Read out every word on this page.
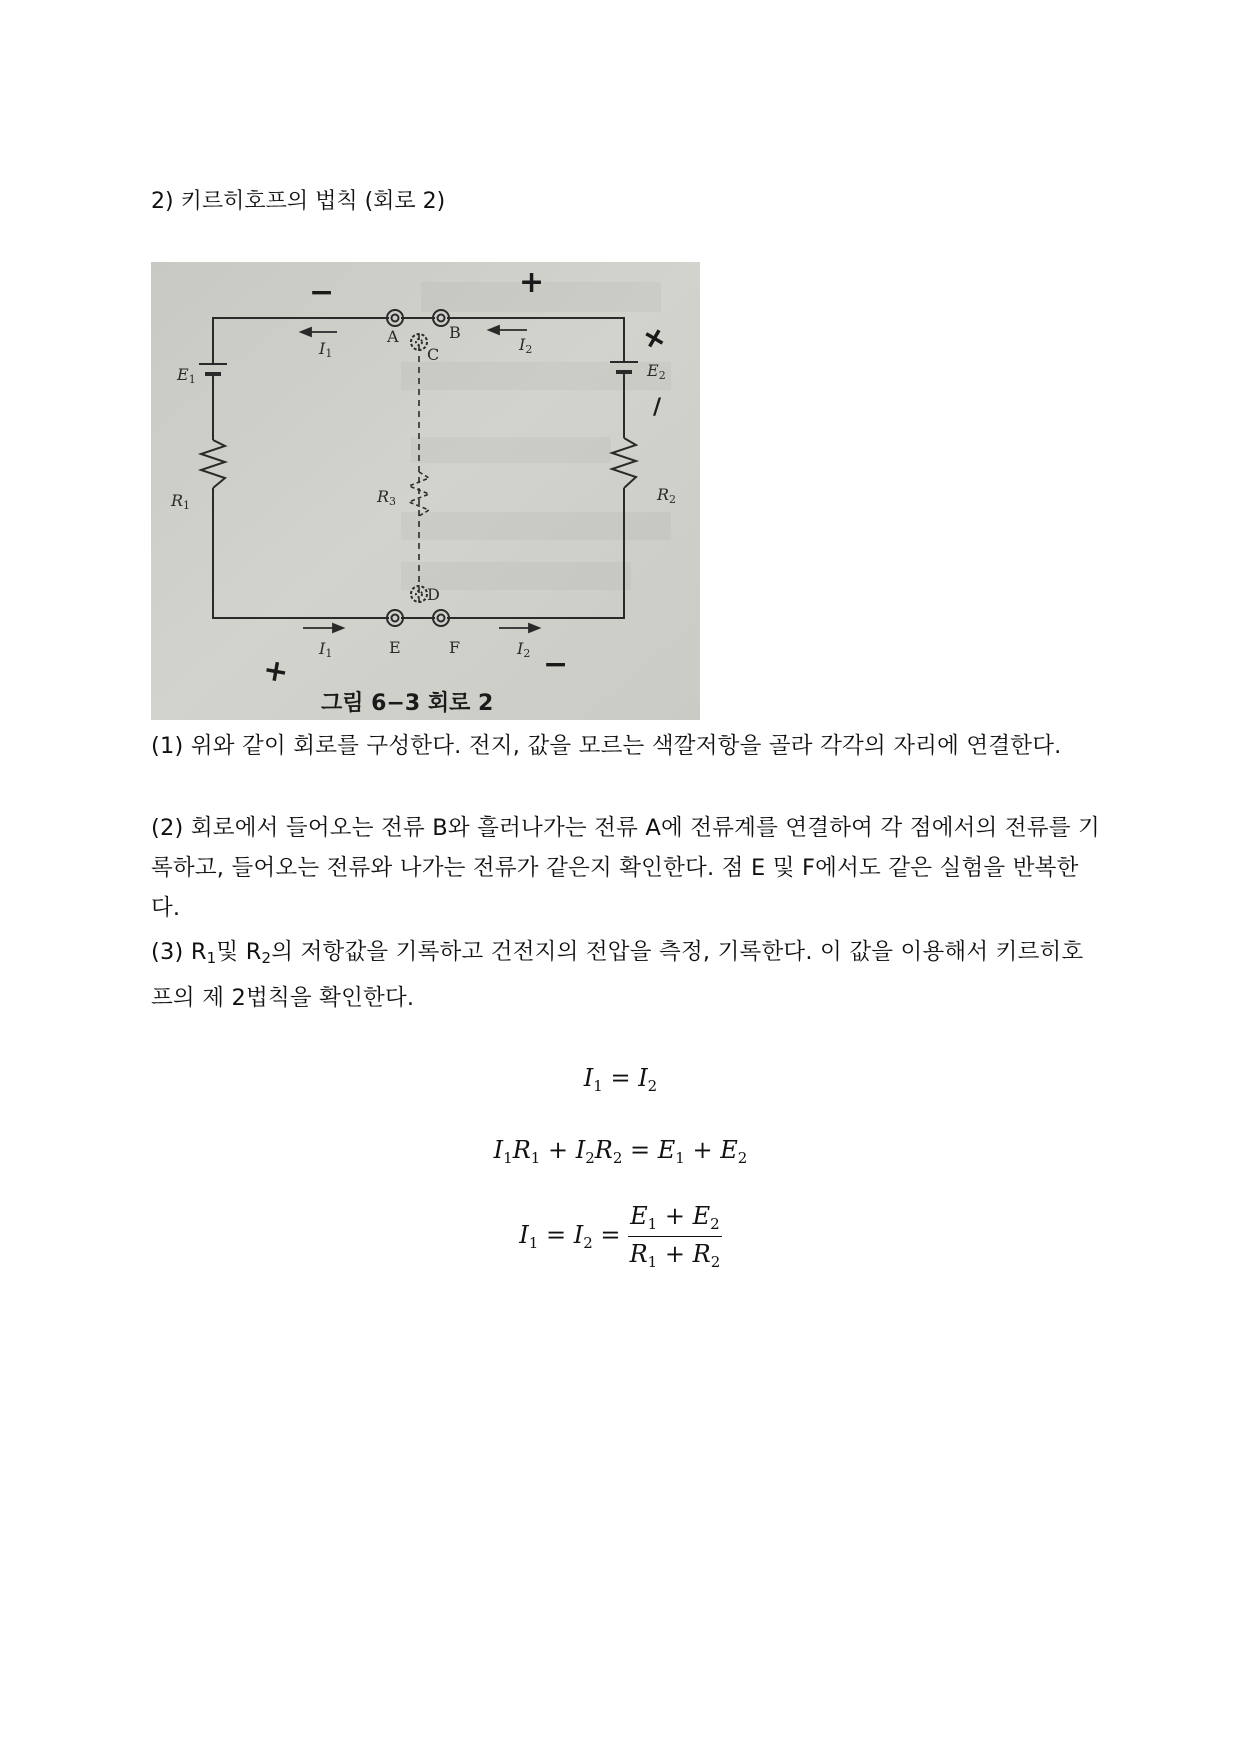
2) 키르히호프의 법칙 (회로 2)
A	B
C
D
E	F
I1	I2
I1	I2
E1	E2
R1
R2
R3
−	+
+
/
+	−
그림 6−3 회로 2

(1) 위와 같이 회로를 구성한다. 전지, 값을 모르는 색깔저항을 골라 각각의 자리에 연결한다.

(2) 회로에서 들어오는 전류 B와 흘러나가는 전류 A에 전류계를 연결하여 각 점에서의 전류를 기록하고, 들어오는 전류와 나가는 전류가 같은지 확인한다. 점 E 및 F에서도 같은 실험을 반복한다.

(3) R1및 R2의 저항값을 기록하고 건전지의 전압을 측정, 기록한다. 이 값을 이용해서 키르히호프의 제 2법칙을 확인한다.

$I_1 = I_2$
$I_1R_1 + I_2R_2 = E_1 + E_2$
$I_1 = I_2 = \frac{E_1 + E_2}{R_1 + R_2}$
